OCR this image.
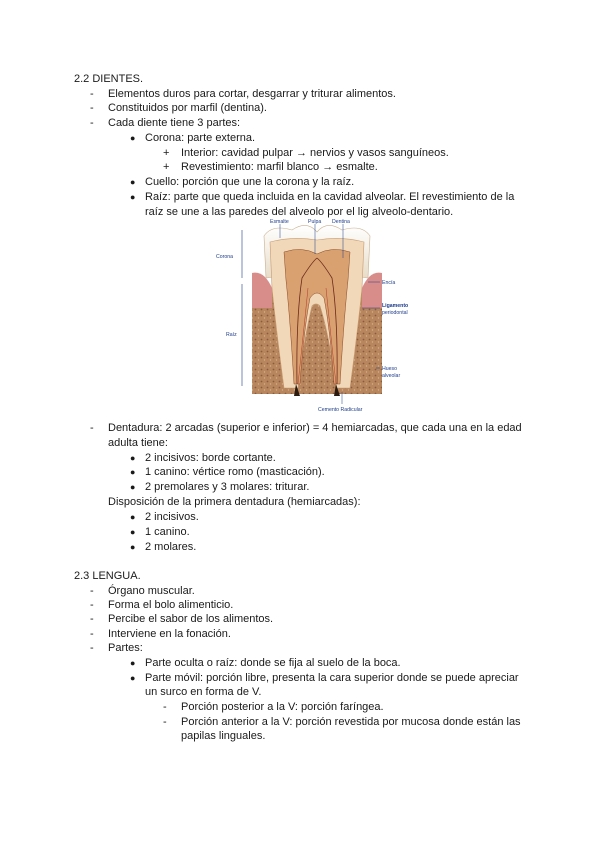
2.2 DIENTES.
- Elementos duros para cortar, desgarrar y triturar alimentos.
- Constituidos por marfil (dentina).
- Cada diente tiene 3 partes:
● Corona: parte externa.
+ Interior: cavidad pulpar → nervios y vasos sanguíneos.
+ Revestimiento: marfil blanco → esmalte.
● Cuello: porción que une la corona y la raíz.
● Raíz: parte que queda incluida en la cavidad alveolar. El revestimiento de la
raíz se une a las paredes del alveolo por el lig alveolo-dentario.
Esmalte	Pulpa Dentina
Corona
Raíz
Encía
Ligamento
periodontal
Hueso
alveolar
Cemento Radicular
- Dentadura: 2 arcadas (superior e inferior) = 4 hemiarcadas, que cada una en la edad
adulta tiene:
● 2 incisivos: borde cortante.
● 1 canino: vértice romo (masticación).
● 2 premolares y 3 molares: triturar.
Disposición de la primera dentadura (hemiarcadas):
● 2 incisivos.
● 1 canino.
● 2 molares.
2.3 LENGUA.
- Órgano muscular.
- Forma el bolo alimenticio.
- Percibe el sabor de los alimentos.
- Interviene en la fonación.
- Partes:
● Parte oculta o raíz: donde se fija al suelo de la boca.
● Parte móvil: porción libre, presenta la cara superior donde se puede apreciar
un surco en forma de V.
- Porción posterior a la V: porción faríngea.
- Porción anterior a la V: porción revestida por mucosa donde están las
papilas linguales.
